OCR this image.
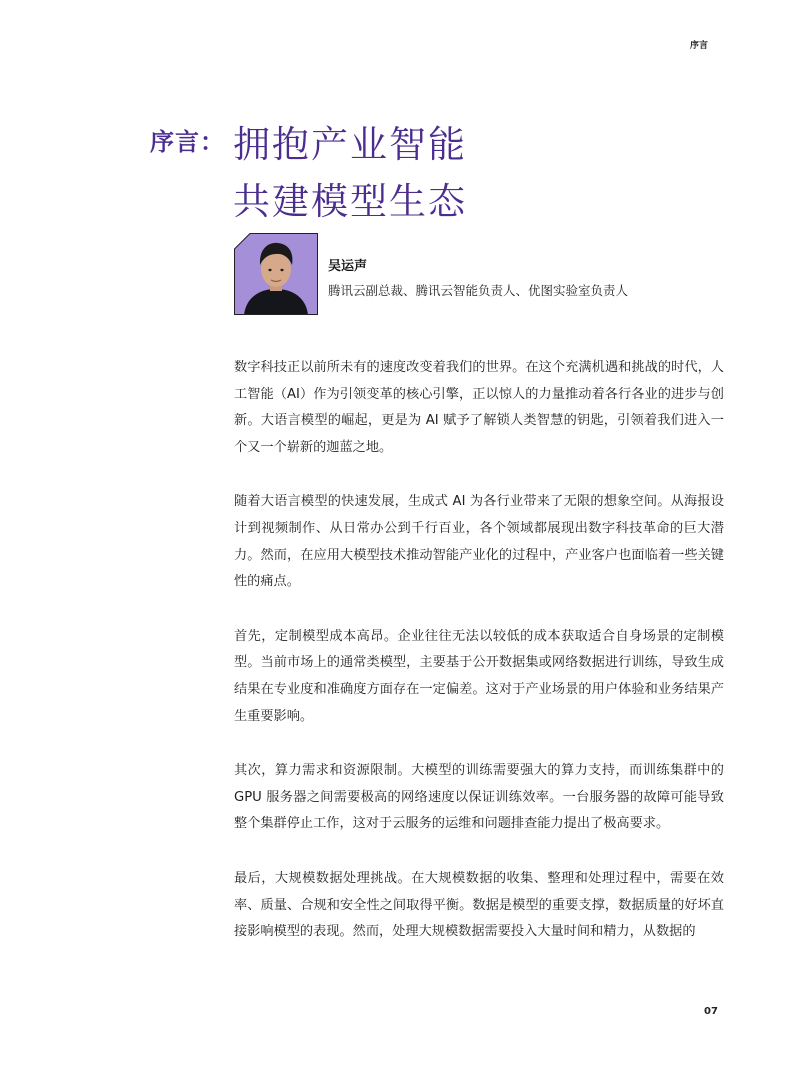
序言
序言： 拥抱产业智能
共建模型生态
吴运声
腾讯云副总裁、腾讯云智能负责人、优图实验室负责人

数字科技正以前所未有的速度改变着我们的世界。在这个充满机遇和挑战的时代，人工智能（AI）作为引领变革的核心引擎，正以惊人的力量推动着各行各业的进步与创新。大语言模型的崛起，更是为 AI 赋予了解锁人类智慧的钥匙，引领着我们进入一个又一个崭新的迦蓝之地。

随着大语言模型的快速发展，生成式 AI 为各行业带来了无限的想象空间。从海报设计到视频制作、从日常办公到千行百业，各个领域都展现出数字科技革命的巨大潜力。然而，在应用大模型技术推动智能产业化的过程中，产业客户也面临着一些关键性的痛点。

首先，定制模型成本高昂。企业往往无法以较低的成本获取适合自身场景的定制模型。当前市场上的通常类模型，主要基于公开数据集或网络数据进行训练，导致生成结果在专业度和准确度方面存在一定偏差。这对于产业场景的用户体验和业务结果产生重要影响。

其次，算力需求和资源限制。大模型的训练需要强大的算力支持，而训练集群中的 GPU 服务器之间需要极高的网络速度以保证训练效率。一台服务器的故障可能导致整个集群停止工作，这对于云服务的运维和问题排查能力提出了极高要求。

最后，大规模数据处理挑战。在大规模数据的收集、整理和处理过程中，需要在效率、质量、合规和安全性之间取得平衡。数据是模型的重要支撑，数据质量的好坏直接影响模型的表现。然而，处理大规模数据需要投入大量时间和精力，从数据的

07
